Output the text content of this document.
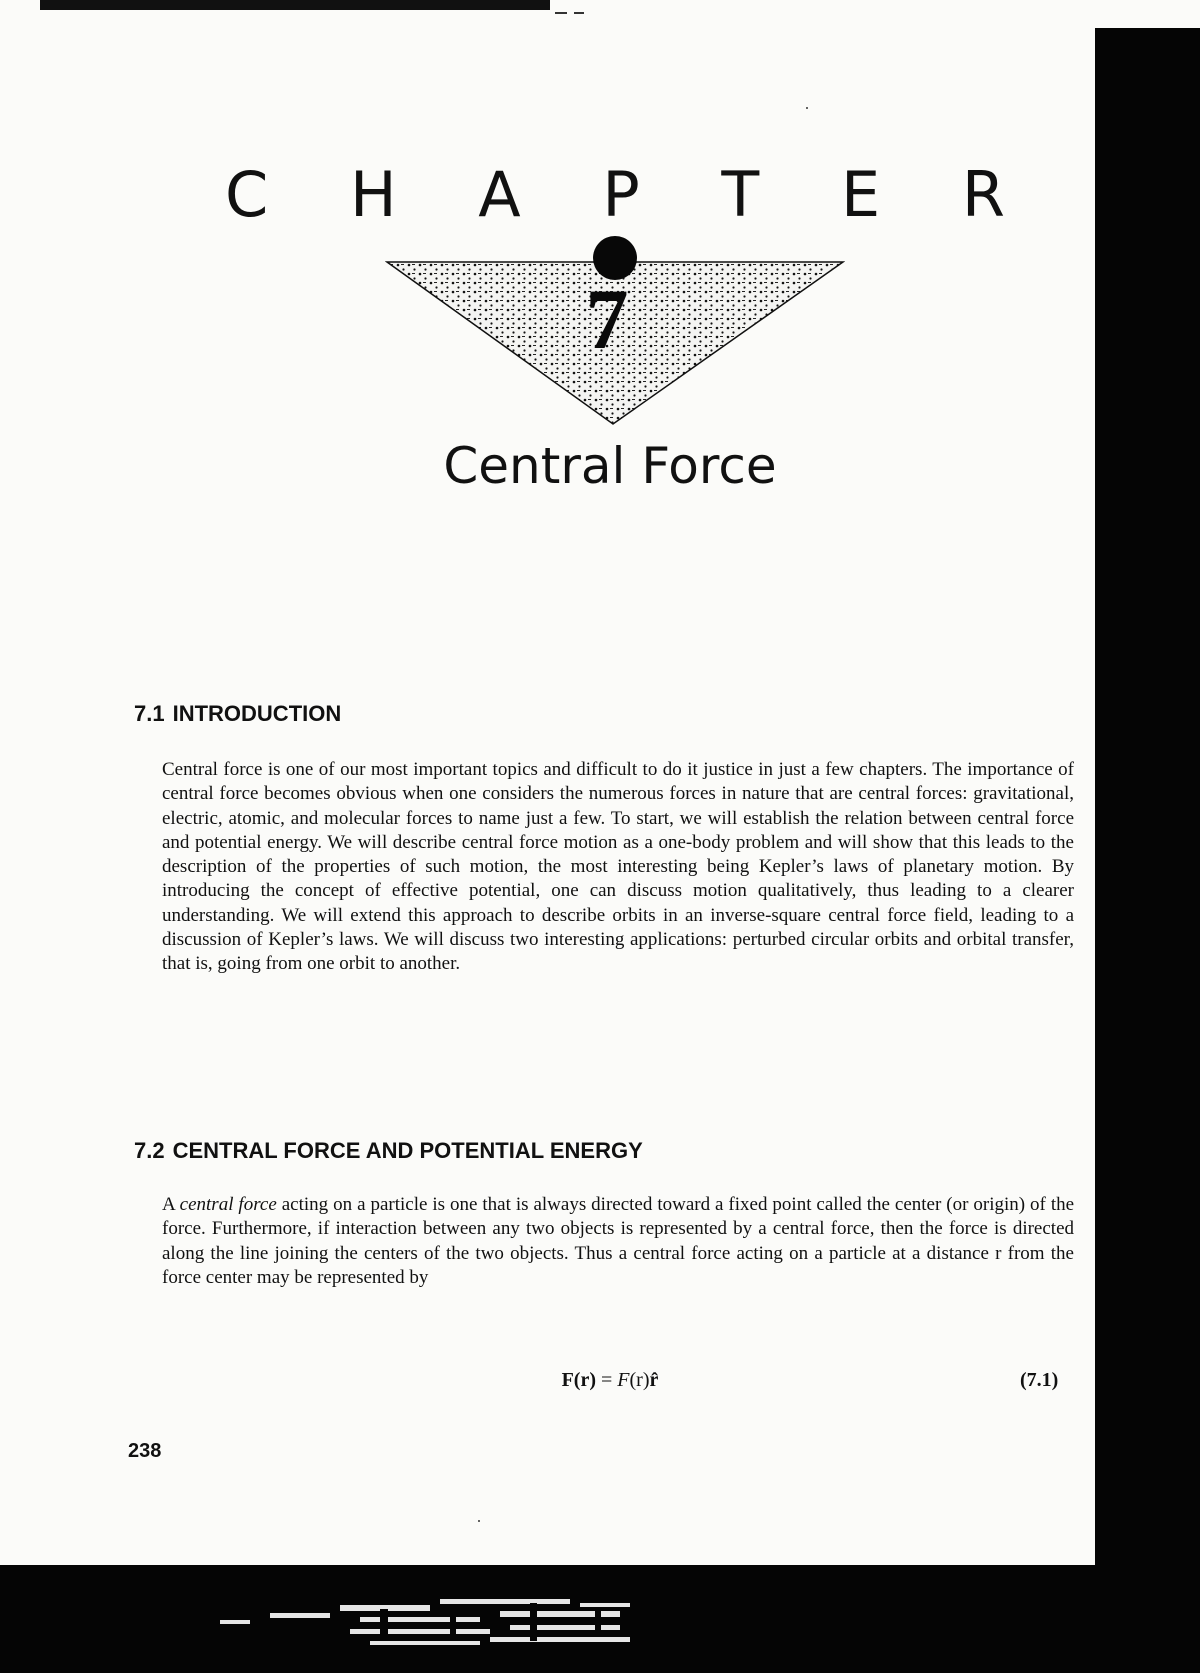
C H A P T E R
7
Central Force
7.1 INTRODUCTION

Central force is one of our most important topics and difficult to do it justice in just a few chapters. The importance of central force becomes obvious when one considers the numerous forces in nature that are central forces: gravitational, electric, atomic, and molecular forces to name just a few. To start, we will establish the relation between central force and potential energy. We will describe central force motion as a one-body problem and will show that this leads to the description of the properties of such motion, the most interesting being Kepler’s laws of planetary motion. By introducing the concept of effective potential, one can discuss motion qualitatively, thus leading to a clearer understanding. We will extend this approach to describe orbits in an inverse-square central force field, leading to a discussion of Kepler’s laws. We will discuss two interesting applications: perturbed circular orbits and orbital transfer, that is, going from one orbit to another.

7.2 CENTRAL FORCE AND POTENTIAL ENERGY

A central force acting on a particle is one that is always directed toward a fixed point called the center (or origin) of the force. Furthermore, if interaction between any two objects is represented by a central force, then the force is directed along the line joining the centers of the two objects. Thus a central force acting on a particle at a distance r from the force center may be represented by

F(r) = F(r)r̂	(7.1)
238
